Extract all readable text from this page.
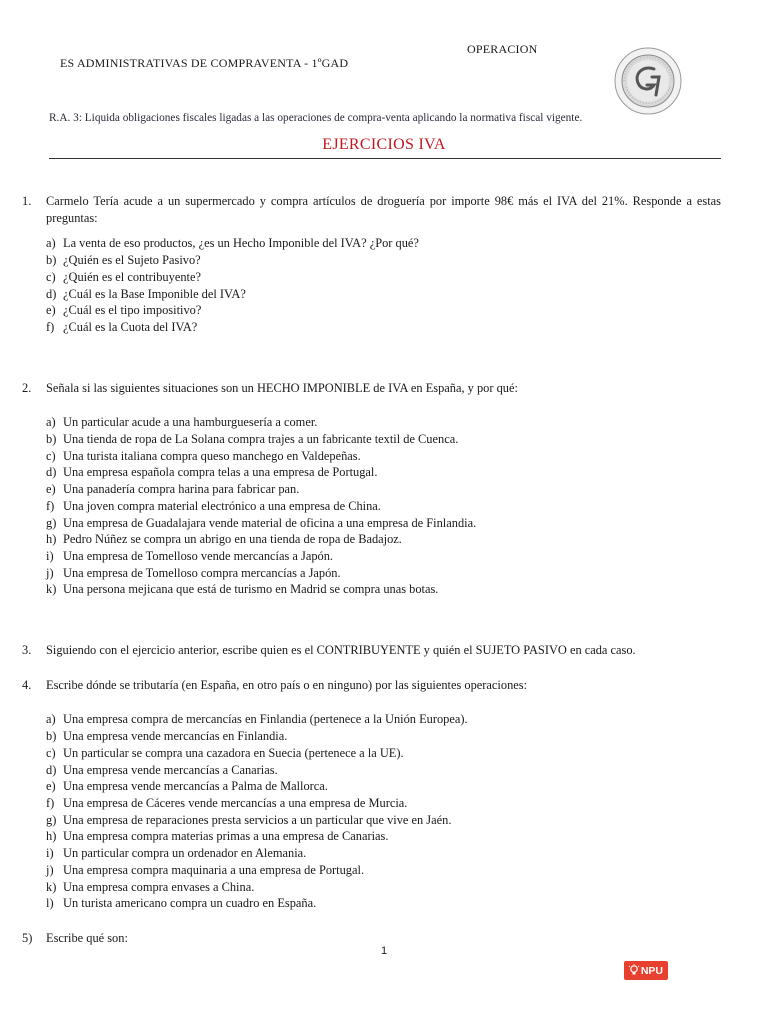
OPERACION
ES ADMINISTRATIVAS DE COMPRAVENTA - 1ºGAD
R.A. 3: Liquida obligaciones fiscales ligadas a las operaciones de compra-venta aplicando la normativa fiscal vigente.
EJERCICIOS IVA
1. Carmelo Tería acude a un supermercado y compra artículos de droguería por importe 98€ más el IVA del 21%. Responde a estas preguntas:
a) La venta de eso productos, ¿es un Hecho Imponible del IVA? ¿Por qué?
b) ¿Quién es el Sujeto Pasivo?
c) ¿Quién es el contribuyente?
d) ¿Cuál es la Base Imponible del IVA?
e) ¿Cuál es el tipo impositivo?
f) ¿Cuál es la Cuota del IVA?
2. Señala si las siguientes situaciones son un HECHO IMPONIBLE de IVA en España, y por qué:
a) Un particular acude a una hamburguesería a comer.
b) Una tienda de ropa de La Solana compra trajes a un fabricante textil de Cuenca.
c) Una turista italiana compra queso manchego en Valdepeñas.
d) Una empresa española compra telas a una empresa de Portugal.
e) Una panadería compra harina para fabricar pan.
f) Una joven compra material electrónico a una empresa de China.
g) Una empresa de Guadalajara vende material de oficina a una empresa de Finlandia.
h) Pedro Núñez se compra un abrigo en una tienda de ropa de Badajoz.
i) Una empresa de Tomelloso vende mercancías a Japón.
j) Una empresa de Tomelloso compra mercancías a Japón.
k) Una persona mejicana que está de turismo en Madrid se compra unas botas.
3. Siguiendo con el ejercicio anterior, escribe quien es el CONTRIBUYENTE y quién el SUJETO PASIVO en cada caso.
4. Escribe dónde se tributaría (en España, en otro país o en ninguno) por las siguientes operaciones:
a) Una empresa compra de mercancías en Finlandia (pertenece a la Unión Europea).
b) Una empresa vende mercancías en Finlandia.
c) Un particular se compra una cazadora en Suecia (pertenece a la UE).
d) Una empresa vende mercancías a Canarias.
e) Una empresa vende mercancías a Palma de Mallorca.
f) Una empresa de Cáceres vende mercancías a una empresa de Murcia.
g) Una empresa de reparaciones presta servicios a un particular que vive en Jaén.
h) Una empresa compra materias primas a una empresa de Canarias.
i) Un particular compra un ordenador en Alemania.
j) Una empresa compra maquinaria a una empresa de Portugal.
k) Una empresa compra envases a China.
l) Un turista americano compra un cuadro en España.
5) Escribe qué son:
1
NPU
